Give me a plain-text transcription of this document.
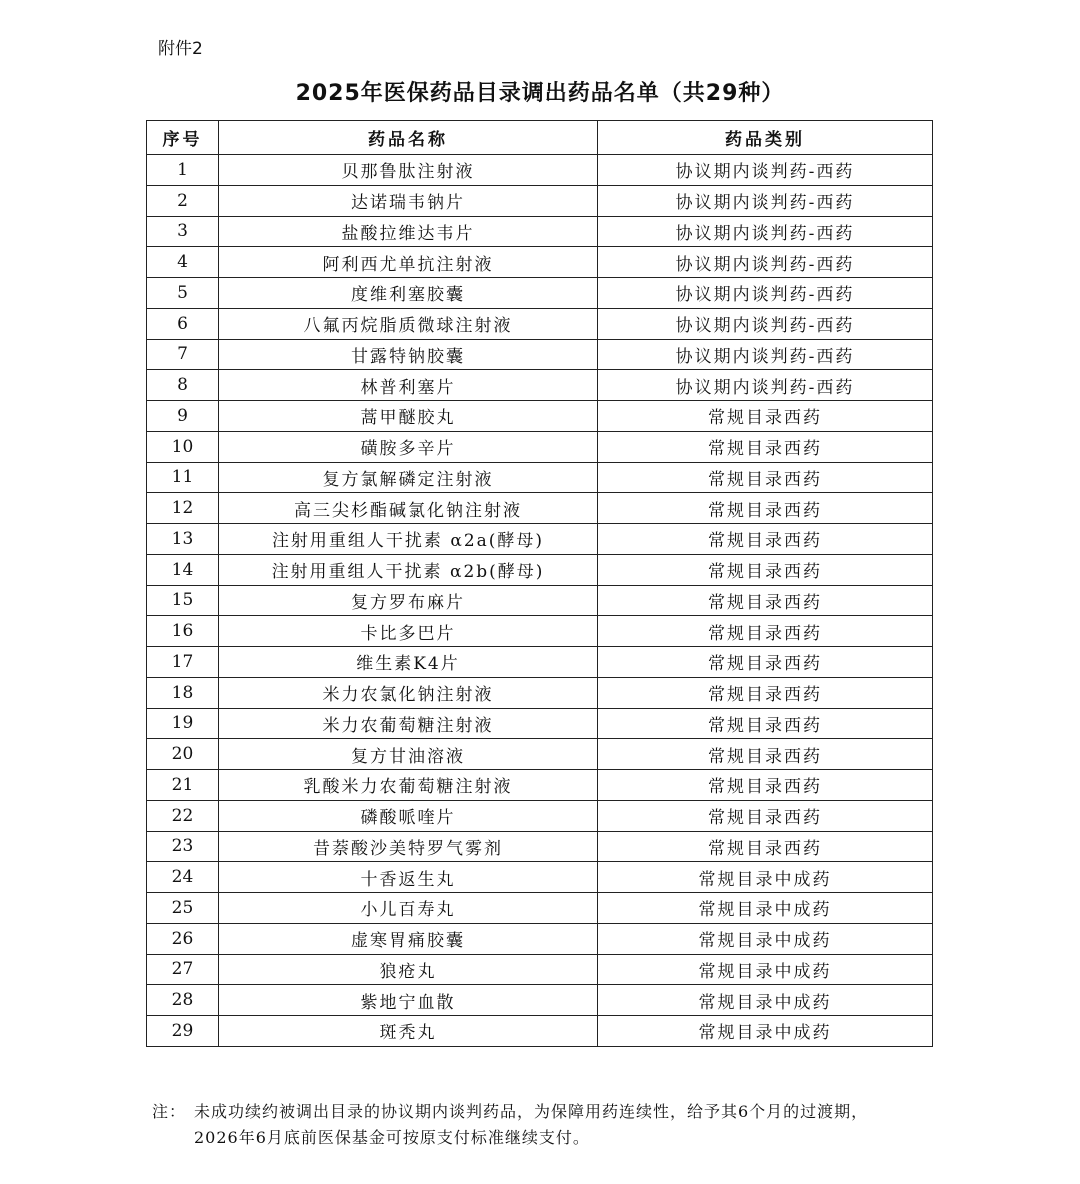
附件2
2025年医保药品目录调出药品名单（共29种）
序号	药品名称	药品类别
1	贝那鲁肽注射液	协议期内谈判药-西药
2	达诺瑞韦钠片	协议期内谈判药-西药
3	盐酸拉维达韦片	协议期内谈判药-西药
4	阿利西尤单抗注射液	协议期内谈判药-西药
5	度维利塞胶囊	协议期内谈判药-西药
6	八氟丙烷脂质微球注射液	协议期内谈判药-西药
7	甘露特钠胶囊	协议期内谈判药-西药
8	林普利塞片	协议期内谈判药-西药
9	蒿甲醚胶丸	常规目录西药
10	磺胺多辛片	常规目录西药
11	复方氯解磷定注射液	常规目录西药
12	高三尖杉酯碱氯化钠注射液	常规目录西药
13	注射用重组人干扰素 α2a(酵母)	常规目录西药
14	注射用重组人干扰素 α2b(酵母)	常规目录西药
15	复方罗布麻片	常规目录西药
16	卡比多巴片	常规目录西药
17	维生素K4片	常规目录西药
18	米力农氯化钠注射液	常规目录西药
19	米力农葡萄糖注射液	常规目录西药
20	复方甘油溶液	常规目录西药
21	乳酸米力农葡萄糖注射液	常规目录西药
22	磷酸哌喹片	常规目录西药
23	昔萘酸沙美特罗气雾剂	常规目录西药
24	十香返生丸	常规目录中成药
25	小儿百寿丸	常规目录中成药
26	虚寒胃痛胶囊	常规目录中成药
27	狼疮丸	常规目录中成药
28	紫地宁血散	常规目录中成药
29	斑秃丸	常规目录中成药
注： 未成功续约被调出目录的协议期内谈判药品，为保障用药连续性，给予其6个月的过渡期，2026年6月底前医保基金可按原支付标准继续支付。
